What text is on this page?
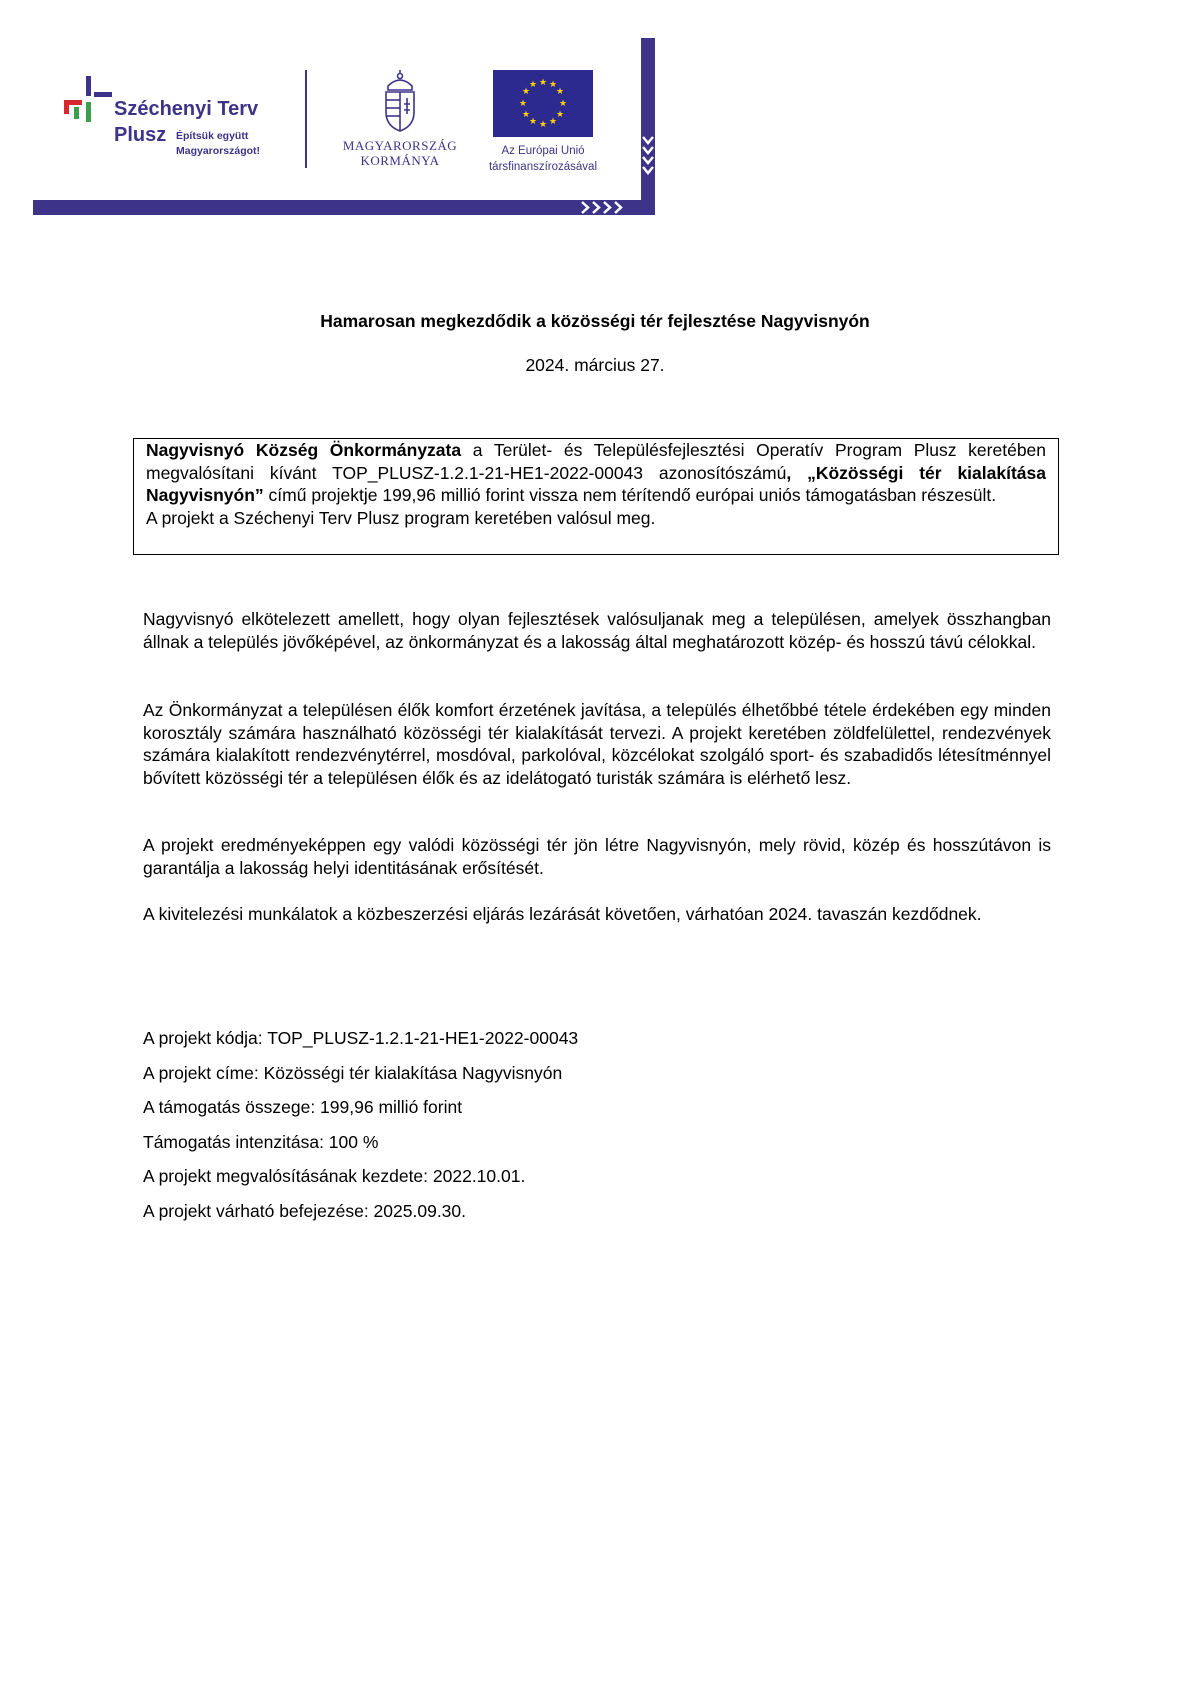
Széchenyi Terv
Plusz Építsük együtt
Magyarországot!	MAGYARORSZÁG
KORMÁNYA
★ ★
★
★
★
★
★
★
★
★
★
★
Az Európai Unió
társfinanszírozásával
Hamarosan megkezdődik a közösségi tér fejlesztése Nagyvisnyón
2024. március 27.

Nagyvisnyó Község Önkormányzata a Terület- és Településfejlesztési Operatív Program Plusz keretében megvalósítani kívánt TOP_PLUSZ-1.2.1-21-HE1-2022-00043 azonosítószámú, „Közösségi tér kialakítása Nagyvisnyón” című projektje 199,96 millió forint vissza nem térítendő európai uniós támogatásban részesült.

A projekt a Széchenyi Terv Plusz program keretében valósul meg.

Nagyvisnyó elkötelezett amellett, hogy olyan fejlesztések valósuljanak meg a településen, amelyek összhangban állnak a település jövőképével, az önkormányzat és a lakosság által meghatározott közép- és hosszú távú célokkal.

Az Önkormányzat a településen élők komfort érzetének javítása, a település élhetőbbé tétele érdekében egy minden korosztály számára használható közösségi tér kialakítását tervezi. A projekt keretében zöldfelülettel, rendezvények számára kialakított rendezvénytérrel, mosdóval, parkolóval, közcélokat szolgáló sport- és szabadidős létesítménnyel bővített közösségi tér a településen élők és az idelátogató turisták számára is elérhető lesz.

A projekt eredményeképpen egy valódi közösségi tér jön létre Nagyvisnyón, mely rövid, közép és hosszútávon is garantálja a lakosság helyi identitásának erősítését.

A kivitelezési munkálatok a közbeszerzési eljárás lezárását követően, várhatóan 2024. tavaszán kezdődnek.

A projekt kódja: TOP_PLUSZ-1.2.1-21-HE1-2022-00043
A projekt címe: Közösségi tér kialakítása Nagyvisnyón
A támogatás összege: 199,96 millió forint
Támogatás intenzitása: 100 %
A projekt megvalósításának kezdete: 2022.10.01.
A projekt várható befejezése: 2025.09.30.
